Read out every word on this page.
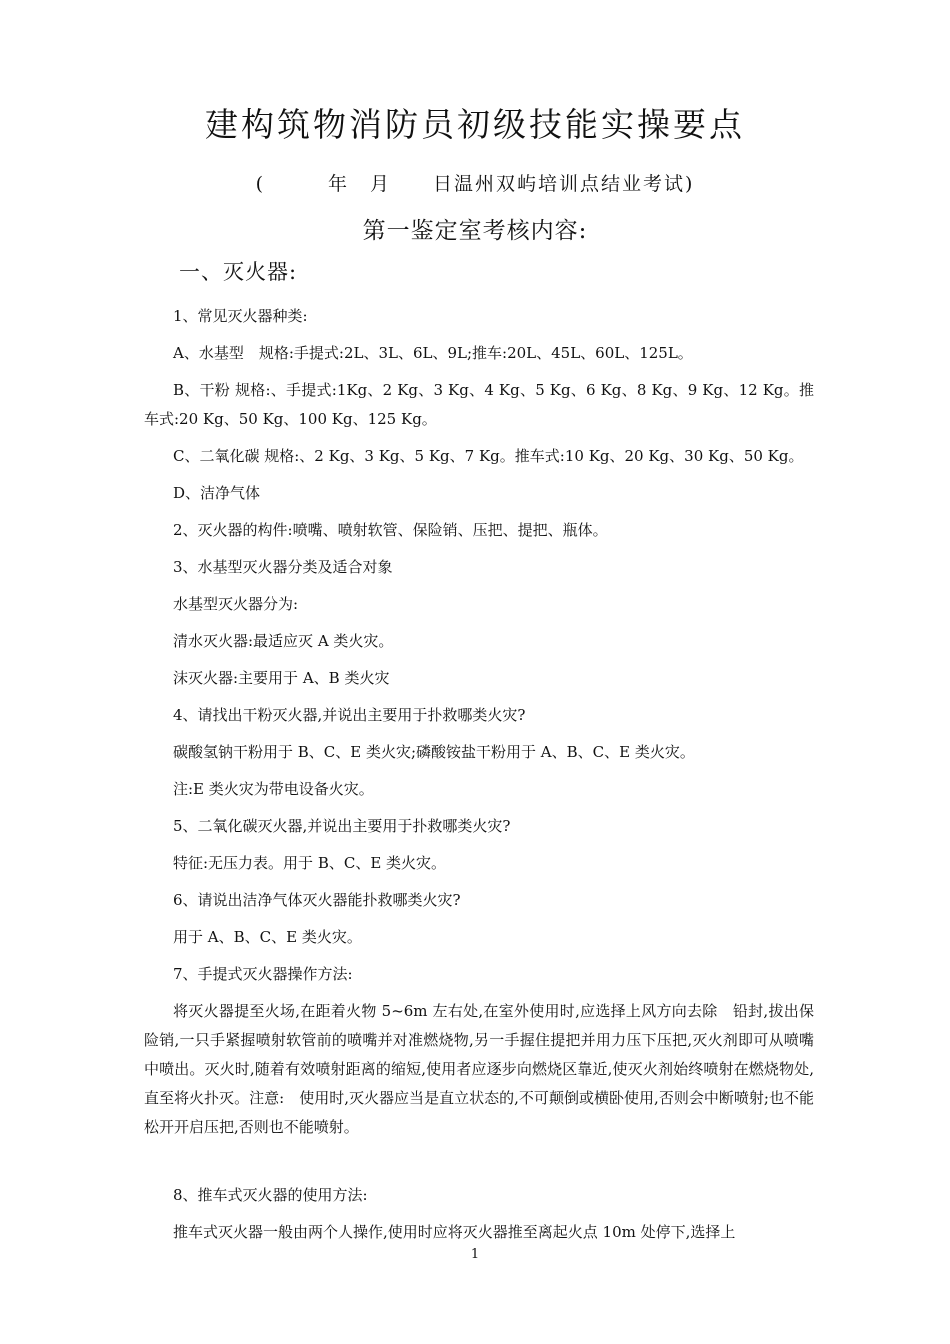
建构筑物消防员初级技能实操要点
(　　　年　月　　日温州双屿培训点结业考试)
第一鉴定室考核内容:
一、灭火器:
1、常见灭火器种类:
A、水基型　规格:手提式:2L、3L、6L、9L;推车:20L、45L、60L、125L。
B、干粉 规格:、手提式:1Kg、2 Kg、3 Kg、4 Kg、5 Kg、6 Kg、8 Kg、9 Kg、12 Kg。推车式:20 Kg、50 Kg、100 Kg、125 Kg。
C、二氧化碳 规格:、2 Kg、3 Kg、5 Kg、7 Kg。推车式:10 Kg、20 Kg、30 Kg、50 Kg。
D、洁净气体
2、灭火器的构件:喷嘴、喷射软管、保险销、压把、提把、瓶体。
3、水基型灭火器分类及适合对象
水基型灭火器分为:
清水灭火器:最适应灭 A 类火灾。
沫灭火器:主要用于 A、B 类火灾
4、请找出干粉灭火器,并说出主要用于扑救哪类火灾?
碳酸氢钠干粉用于 B、C、E 类火灾;磷酸铵盐干粉用于 A、B、C、E 类火灾。
注:E 类火灾为带电设备火灾。
5、二氧化碳灭火器,并说出主要用于扑救哪类火灾?
特征:无压力表。用于 B、C、E 类火灾。
6、请说出洁净气体灭火器能扑救哪类火灾?
用于 A、B、C、E 类火灾。
7、手提式灭火器操作方法:
将灭火器提至火场,在距着火物 5~6m 左右处,在室外使用时,应选择上风方向去除　铅封,拔出保险销,一只手紧握喷射软管前的喷嘴并对准燃烧物,另一手握住提把并用力压下压把,灭火剂即可从喷嘴中喷出。灭火时,随着有效喷射距离的缩短,使用者应逐步向燃烧区靠近,使灭火剂始终喷射在燃烧物处,直至将火扑灭。注意:　使用时,灭火器应当是直立状态的,不可颠倒或横卧使用,否则会中断喷射;也不能松开开启压把,否则也不能喷射。
8、推车式灭火器的使用方法:
推车式灭火器一般由两个人操作,使用时应将灭火器推至离起火点 10m 处停下,选择上
1
